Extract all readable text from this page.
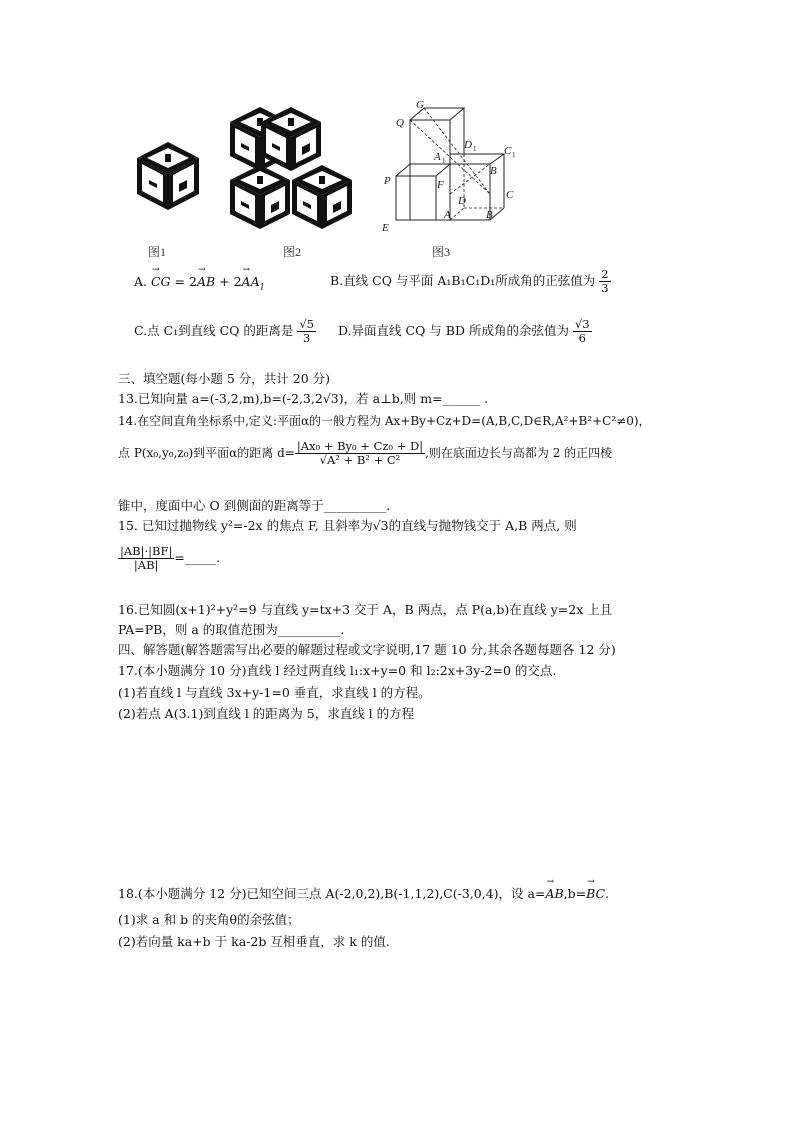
图1	图2
G
Q
D 1	C 1
A 1
B
P	F
D	C
A	B
E
图3
A. → CG = 2→ AB + $2\to AA_1$	B.直线 CQ 与平面 A₁B₁C₁D₁所成角的正弦值为 $\frac{2}{3}$
C.点 C₁到直线 CQ 的距离是 $\frac{√5}{3} D$.异面直线 CQ 与 BD 所成角的余弦值为 $\frac{√3}{6}$
三、填空题(每小题 5 分，共计 20 分)
13.已知向量 a=(-3,2,m),b=(-2,3,2√3)，若 a⊥b,则 m=______ .
14.在空间直角坐标系中,定义:平面α的一般方程为 Ax+By+Cz+D=(A,B,C,D∈R,A²+B²+C²≠0)，
点 P(x₀,y₀,z₀)到平面α的距离 $d= \frac{\text{|Ax₀ + By₀ + Cz₀ + D|}}{\text{√A² + B² + C²}}$ ,则在底面边长与高都为 2 的正四棱
锥中，度面中心 O 到侧面的距离等于__________.
15. 已知过抛物线 y²=-2x 的焦点 F, 且斜率为√3的直线与抛物钱交于 A,B 两点, 则
$\frac{|AB|\cdot|BF|}{|AB|}$ =_____.
16.已知圆(x+1)²+y²=9 与直线 y=tx+3 交于 A，B 两点，点 P(a,b)在直线 y=2x 上且
PA=PB，则 a 的取值范围为__________.
四、解答题(解答题需写出必要的解题过程或文字说明,17 题 10 分,其余各题每题各 12 分)
17.(本小题满分 10 分)直线 l 经过两直线 l₁:x+y=0 和 l₂:2x+3y-2=0 的交点.
(1)若直线 l 与直线 3x+y-1=0 垂直，求直线 l 的方程。
(2)若点 A(3.1)到直线 l 的距离为 5，求直线 l 的方程
18.(本小题满分 12 分)已知空间三点 A(-2,0,2),B(-1,1,2),C(-3,0,4)，设 a=→ AB,b=→ BC.
(1)求 a 和 b 的夹角θ的余弦值；
(2)若向量 ka+b 于 ka-2b 互相垂直，求 k 的值.
